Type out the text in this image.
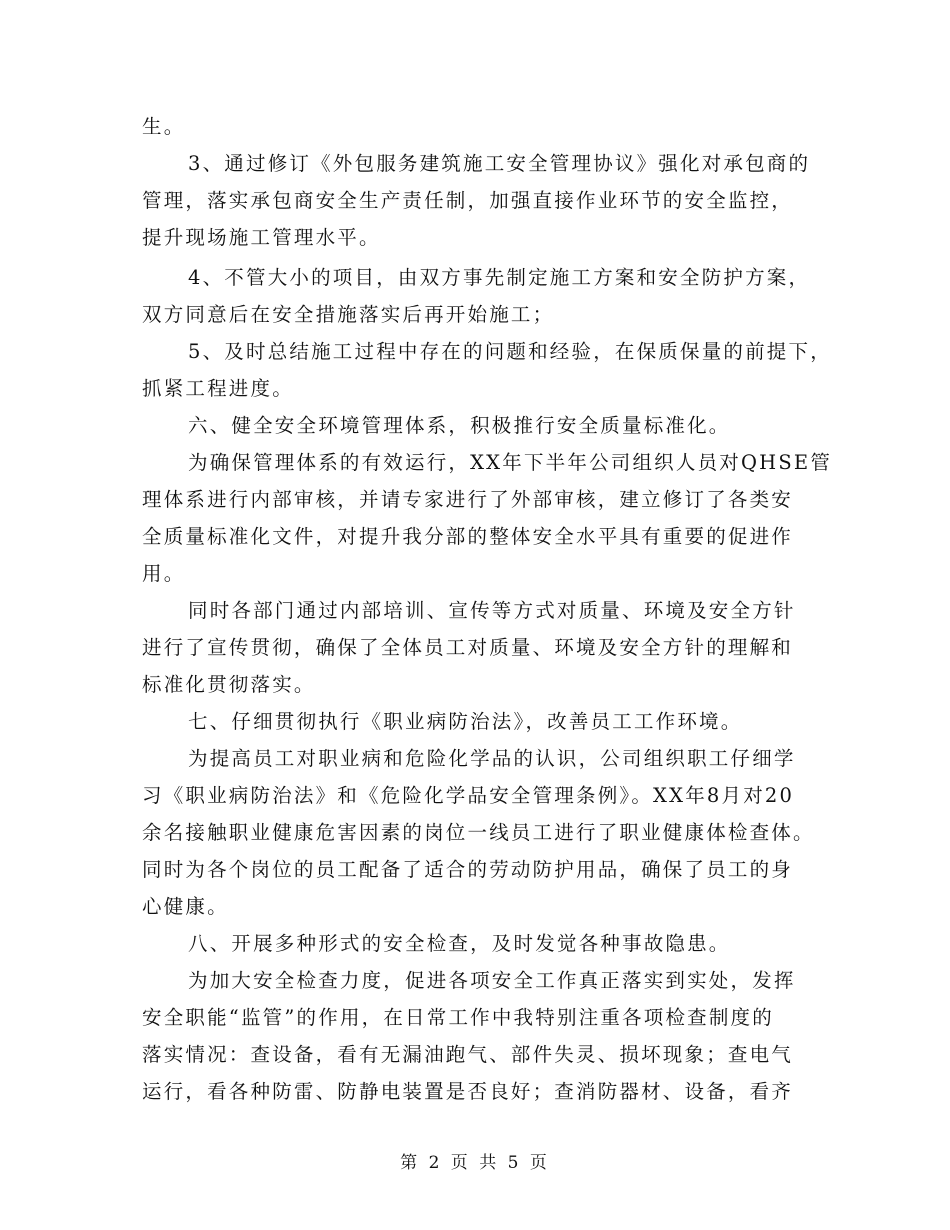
生。
3、通过修订《外包服务建筑施工安全管理协议》强化对承包商的
管理，落实承包商安全生产责任制，加强直接作业环节的安全监控，
提升现场施工管理水平。
4、不管大小的项目，由双方事先制定施工方案和安全防护方案，
双方同意后在安全措施落实后再开始施工；
5、及时总结施工过程中存在的问题和经验，在保质保量的前提下，
抓紧工程进度。
六、健全安全环境管理体系，积极推行安全质量标准化。
为确保管理体系的有效运行，XX年下半年公司组织人员对QHSE管
理体系进行内部审核，并请专家进行了外部审核，建立修订了各类安
全质量标准化文件，对提升我分部的整体安全水平具有重要的促进作
用。
同时各部门通过内部培训、宣传等方式对质量、环境及安全方针
进行了宣传贯彻，确保了全体员工对质量、环境及安全方针的理解和
标准化贯彻落实。
七、仔细贯彻执行《职业病防治法》，改善员工工作环境。
为提高员工对职业病和危险化学品的认识，公司组织职工仔细学
习《职业病防治法》和《危险化学品安全管理条例》。XX年8月对20
余名接触职业健康危害因素的岗位一线员工进行了职业健康体检查体。
同时为各个岗位的员工配备了适合的劳动防护用品，确保了员工的身
心健康。
八、开展多种形式的安全检查，及时发觉各种事故隐患。
为加大安全检查力度，促进各项安全工作真正落实到实处，发挥
安全职能“监管”的作用，在日常工作中我特别注重各项检查制度的
落实情况：查设备，看有无漏油跑气、部件失灵、损坏现象；查电气
运行，看各种防雷、防静电装置是否良好；查消防器材、设备，看齐
第 2 页 共 5 页
